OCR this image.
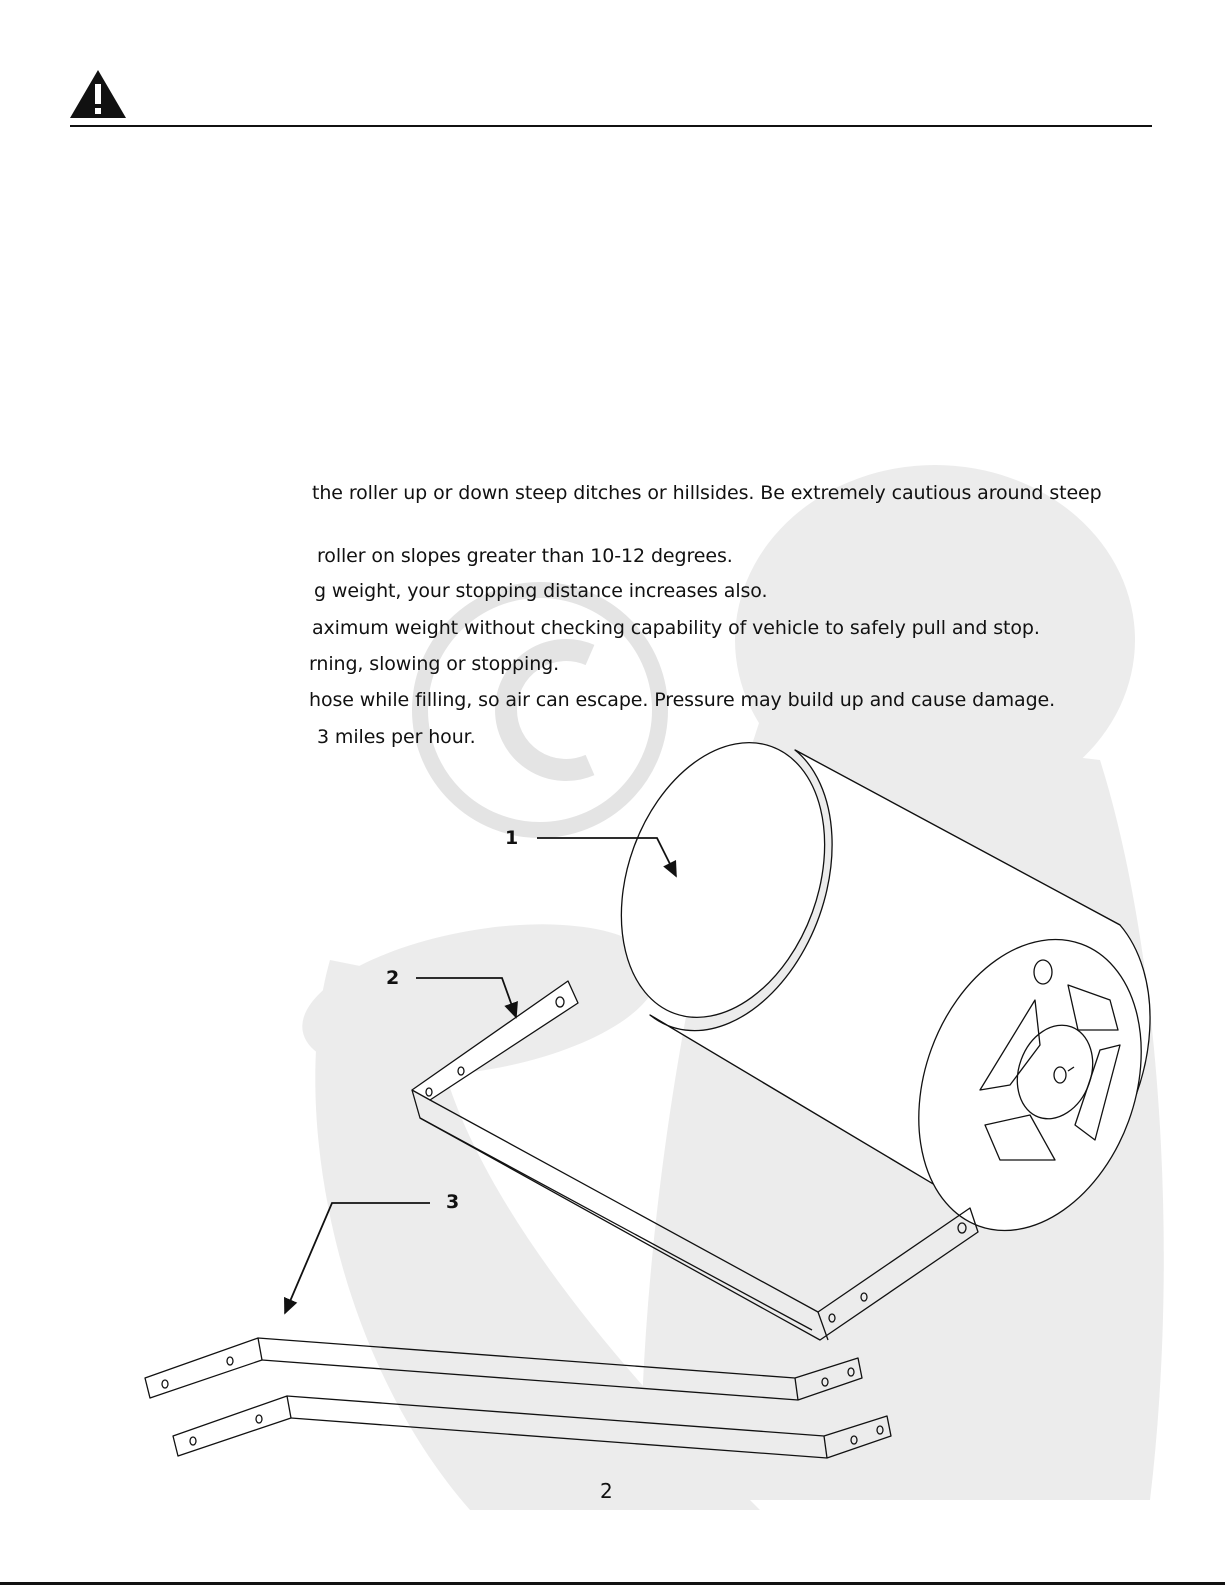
the roller up or down steep ditches or hillsides. Be extremely cautious around steep
roller on slopes greater than 10-12 degrees.
g weight, your stopping distance increases also.
aximum weight without checking capability of vehicle to safely pull and stop.
rning, slowing or stopping.
hose while filling, so air can escape. Pressure may build up and cause damage.
3 miles per hour.
1
2
3
2
